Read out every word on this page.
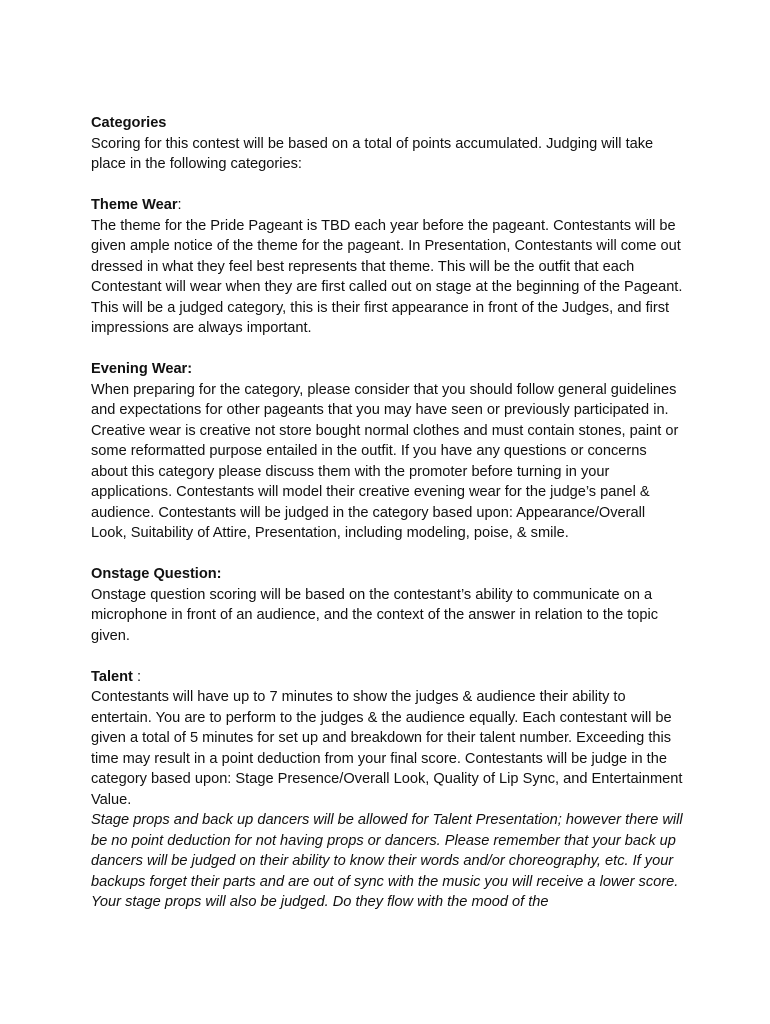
Categories

Scoring for this contest will be based on a total of points accumulated. Judging will take place in the following categories:

Theme Wear:

The theme for the Pride Pageant is TBD each year before the pageant. Contestants will be given ample notice of the theme for the pageant. In Presentation, Contestants will come out dressed in what they feel best represents that theme. This will be the outfit that each Contestant will wear when they are first called out on stage at the beginning of the Pageant. This will be a judged category, this is their first appearance in front of the Judges, and first impressions are always important.

Evening Wear:

When preparing for the category, please consider that you should follow general guidelines and expectations for other pageants that you may have seen or previously participated in. Creative wear is creative not store bought normal clothes and must contain stones, paint or some reformatted purpose entailed in the outfit. If you have any questions or concerns about this category please discuss them with the promoter before turning in your applications. Contestants will model their creative evening wear for the judge’s panel & audience. Contestants will be judged in the category based upon: Appearance/Overall Look, Suitability of Attire, Presentation, including modeling, poise, & smile.

Onstage Question:

Onstage question scoring will be based on the contestant’s ability to communicate on a microphone in front of an audience, and the context of the answer in relation to the topic given.

Talent :

Contestants will have up to 7 minutes to show the judges & audience their ability to entertain. You are to perform to the judges & the audience equally. Each contestant will be given a total of 5 minutes for set up and breakdown for their talent number. Exceeding this time may result in a point deduction from your final score. Contestants will be judge in the category based upon: Stage Presence/Overall Look, Quality of Lip Sync, and Entertainment Value.

Stage props and back up dancers will be allowed for Talent Presentation; however there will be no point deduction for not having props or dancers. Please remember that your back up dancers will be judged on their ability to know their words and/or choreography, etc. If your backups forget their parts and are out of sync with the music you will receive a lower score. Your stage props will also be judged. Do they flow with the mood of the
